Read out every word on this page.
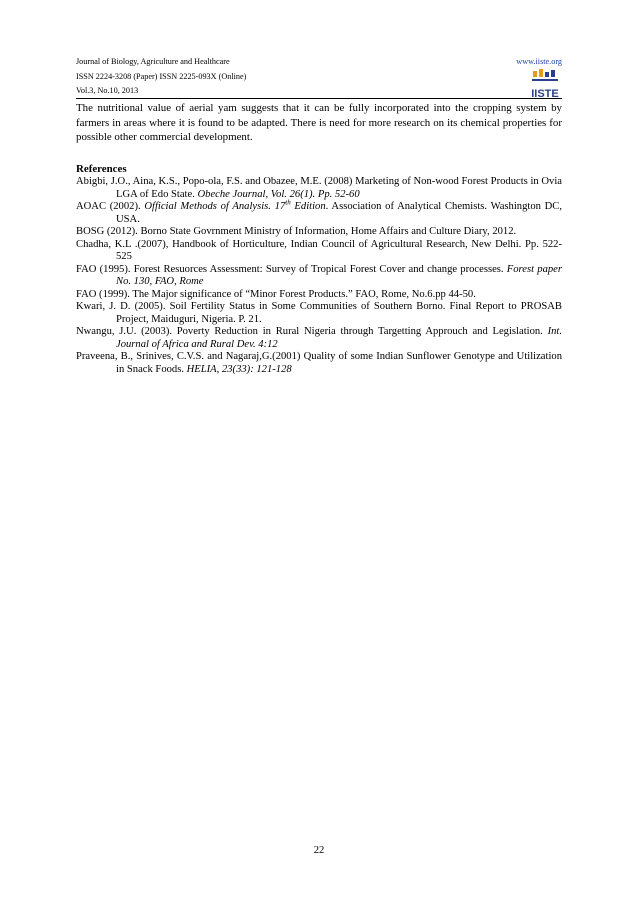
Journal of Biology, Agriculture and Healthcare
ISSN 2224-3208 (Paper) ISSN 2225-093X (Online)
Vol.3, No.10, 2013
www.iiste.org
IISTE

The nutritional value of aerial yam suggests that it can be fully incorporated into the cropping system by farmers in areas where it is found to be adapted. There is need for more research on its chemical properties for possible other commercial development.

References
Abigbi, J.O., Aina, K.S., Popo-ola, F.S. and Obazee, M.E. (2008) Marketing of Non-wood Forest Products in Ovia LGA of Edo State. Obeche Journal, Vol. 26(1). Pp. 52-60
AOAC (2002). Official Methods of Analysis. 17th Edition. Association of Analytical Chemists. Washington DC, USA.
BOSG (2012). Borno State Govrnment Ministry of Information, Home Affairs and Culture Diary, 2012.
Chadha, K.L .(2007), Handbook of Horticulture, Indian Council of Agricultural Research, New Delhi. Pp. 522-525
FAO (1995). Forest Resuorces Assessment: Survey of Tropical Forest Cover and change processes. Forest paper No. 130, FAO, Rome
FAO (1999). The Major significance of “Minor Forest Products.” FAO, Rome, No.6.pp 44-50.
Kwari, J. D. (2005). Soil Fertility Status in Some Communities of Southern Borno. Final Report to PROSAB Project, Maiduguri, Nigeria. P. 21.
Nwangu, J.U. (2003). Poverty Reduction in Rural Nigeria through Targetting Approuch and Legislation. Int. Journal of Africa and Rural Dev. 4:12
Praveena, B., Srinives, C.V.S. and Nagaraj,G.(2001) Quality of some Indian Sunflower Genotype and Utilization in Snack Foods. HELIA, 23(33): 121-128
22
